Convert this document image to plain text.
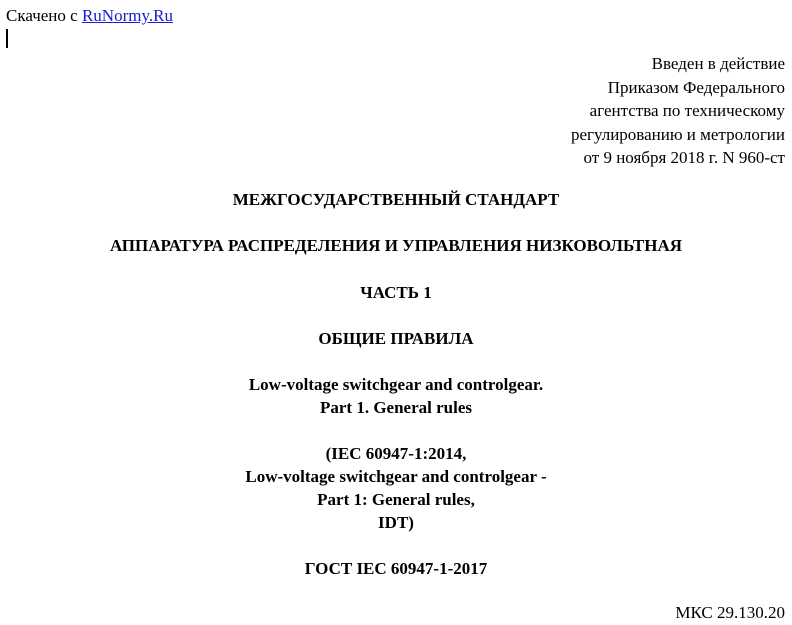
Скачено с RuNormy.Ru
Введен в действие
Приказом Федерального
агентства по техническому
регулированию и метрологии
от 9 ноября 2018 г. N 960-ст
МЕЖГОСУДАРСТВЕННЫЙ СТАНДАРТ
АППАРАТУРА РАСПРЕДЕЛЕНИЯ И УПРАВЛЕНИЯ НИЗКОВОЛЬТНАЯ
ЧАСТЬ 1
ОБЩИЕ ПРАВИЛА
Low-voltage switchgear and controlgear.
Part 1. General rules
(IEC 60947-1:2014,
Low-voltage switchgear and controlgear -
Part 1: General rules,
IDT)
ГОСТ IEC 60947-1-2017
МКС 29.130.20
